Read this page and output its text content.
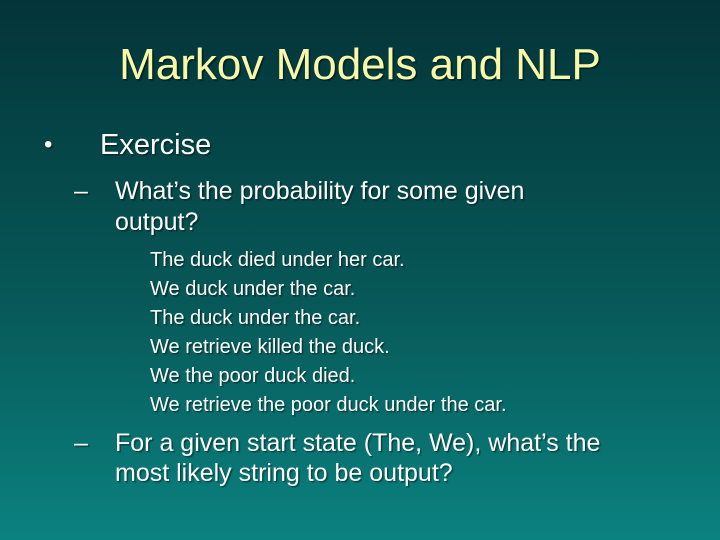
Markov Models and NLP
•	Exercise
–	What’s the probability for some given
output?
The duck died under her car.
We duck under the car.
The duck under the car.
We retrieve killed the duck.
We the poor duck died.
We retrieve the poor duck under the car.
–	For a given start state (The, We), what’s the
most likely string to be output?
